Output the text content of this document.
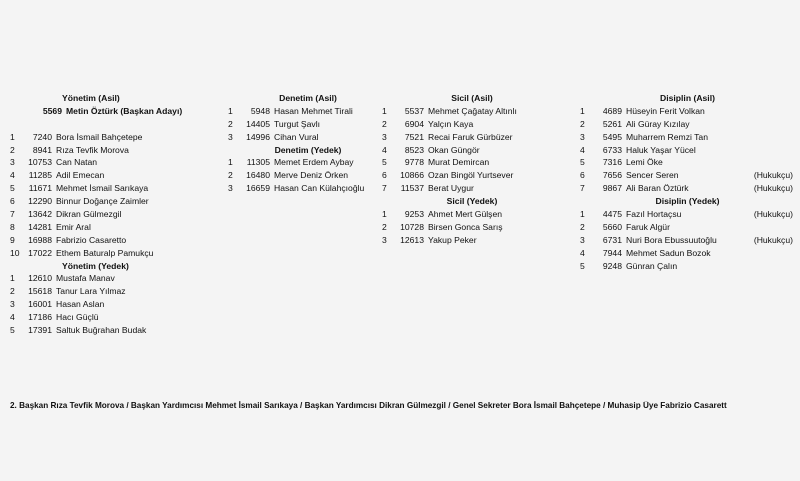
Yönetim (Asil)
5569 Metin Öztürk (Başkan Adayı)
1	7240 Bora İsmail Bahçetepe
2	8941 Rıza Tevfik Morova
3	10753 Can Natan
4	11285 Adil Emecan
5	11671 Mehmet İsmail Sarıkaya
6	12290 Binnur Doğançe Zaimler
7	13642 Dikran Gülmezgil
8	14281 Emir Aral
9	16988 Fabrizio Casaretto
10 17022 Ethem Baturalp Pamukçu
Yönetim (Yedek)
1	12610 Mustafa Manav
2	15618 Tanur Lara Yılmaz
3	16001 Hasan Aslan
4	17186 Hacı Güçlü
5	17391 Saltuk Buğrahan Budak
Denetim (Asil)
1	5948 Hasan Mehmet Tirali
2	14405 Turgut Şavlı
3	14996 Cihan Vural
Denetim (Yedek)
1	11305 Memet Erdem Aybay
2	16480 Merve Deniz Örken
3	16659 Hasan Can Külahçıoğlu
Sicil (Asil)
1	5537 Mehmet Çağatay Altınlı
2	6904 Yalçın Kaya
3	7521 Recai Faruk Gürbüzer
4	8523 Okan Güngör
5	9778 Murat Demircan
6	10866 Ozan Bingöl Yurtsever
7	11537 Berat Uygur
Sicil (Yedek)
1	9253 Ahmet Mert Gülşen
2	10728 Birsen Gonca Sarış
3	12613 Yakup Peker
Disiplin (Asil)
1	4689 Hüseyin Ferit Volkan
2	5261 Ali Güray Kızılay
3	5495 Muharrem Remzi Tan
4	6733 Haluk Yaşar Yücel
5	7316 Lemi Öke
6	7656 Sencer Seren	(Hukukçu)
7	9867 Ali Baran Öztürk	(Hukukçu)
Disiplin (Yedek)
1	4475 Fazıl Hortaçsu	(Hukukçu)
2	5660 Faruk Algür
3	6731 Nuri Bora Ebussuutoğlu	(Hukukçu)
4	7944 Mehmet Sadun Bozok
5	9248 Günran Çalın
2. Başkan Rıza Tevfik Morova / Başkan Yardımcısı Mehmet İsmail Sarıkaya / Başkan Yardımcısı Dikran Gülmezgil / Genel Sekreter Bora İsmail Bahçetepe / Muhasip Üye Fabrizio Casarett
